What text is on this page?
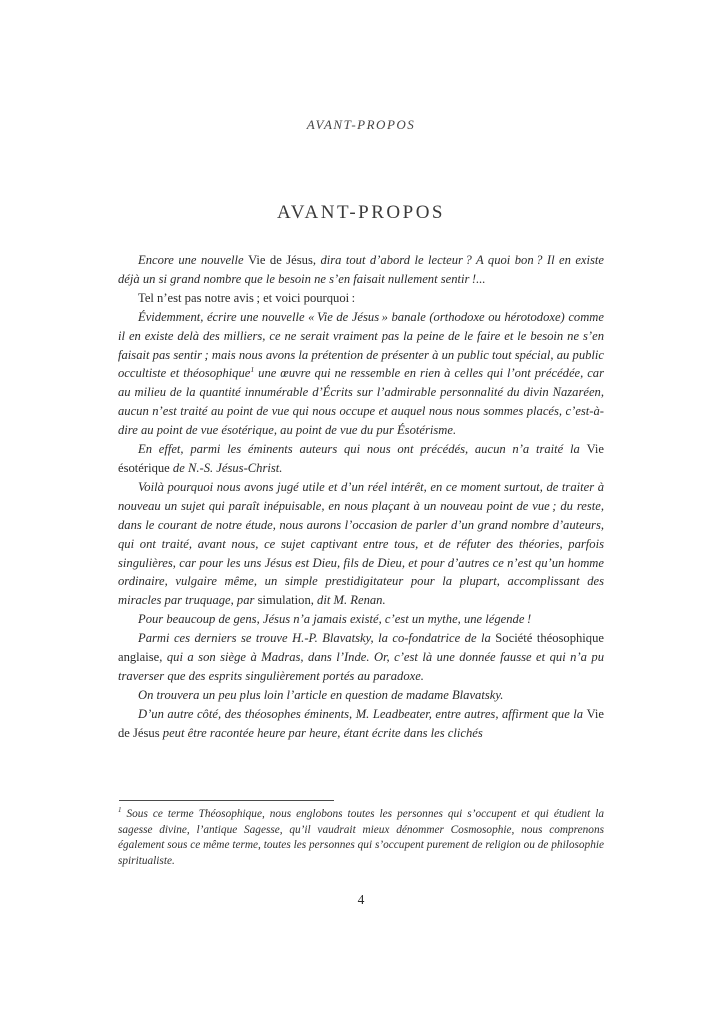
AVANT-PROPOS
AVANT-PROPOS

Encore une nouvelle Vie de Jésus, dira tout d’abord le lecteur ? A quoi bon ? Il en existe déjà un si grand nombre que le besoin ne s’en faisait nullement sentir !...

Tel n’est pas notre avis ; et voici pourquoi :

Évidemment, écrire une nouvelle « Vie de Jésus » banale (orthodoxe ou hérotodoxe) comme il en existe delà des milliers, ce ne serait vraiment pas la peine de le faire et le besoin ne s’en faisait pas sentir ; mais nous avons la prétention de présenter à un public tout spécial, au public occultiste et théosophique$^1$ une œuvre qui ne ressemble en rien à celles qui l’ont précédée, car au milieu de la quantité innumérable d’Écrits sur l’admirable personnalité du divin Nazaréen, aucun n’est traité au point de vue qui nous occupe et auquel nous nous sommes placés, c’est-à-dire au point de vue ésotérique, au point de vue du pur Ésotérisme.

En effet, parmi les éminents auteurs qui nous ont précédés, aucun n’a traité la Vie ésotérique de N.-S. Jésus-Christ.

Voilà pourquoi nous avons jugé utile et d’un réel intérêt, en ce moment surtout, de traiter à nouveau un sujet qui paraît inépuisable, en nous plaçant à un nouveau point de vue ; du reste, dans le courant de notre étude, nous aurons l’occasion de parler d’un grand nombre d’auteurs, qui ont traité, avant nous, ce sujet captivant entre tous, et de réfuter des théories, parfois singulières, car pour les uns Jésus est Dieu, fils de Dieu, et pour d’autres ce n’est qu’un homme ordinaire, vulgaire même, un simple prestidigitateur pour la plupart, accomplissant des miracles par truquage, par simulation, dit M. Renan.

Pour beaucoup de gens, Jésus n’a jamais existé, c’est un mythe, une légende !

Parmi ces derniers se trouve H.-P. Blavatsky, la co-fondatrice de la Société théosophique anglaise, qui a son siège à Madras, dans l’Inde. Or, c’est là une donnée fausse et qui n’a pu traverser que des esprits singulièrement portés au paradoxe.

On trouvera un peu plus loin l’article en question de madame Blavatsky.

D’un autre côté, des théosophes éminents, M. Leadbeater, entre autres, affirment que la Vie de Jésus peut être racontée heure par heure, étant écrite dans les clichés

$^1$ Sous ce terme Théosophique, nous englobons toutes les personnes qui s’occupent et qui étudient la sagesse divine, l’antique Sagesse, qu’il vaudrait mieux dénommer Cosmosophie, nous comprenons également sous ce même terme, toutes les personnes qui s’occupent purement de religion ou de philosophie spiritualiste.
4
